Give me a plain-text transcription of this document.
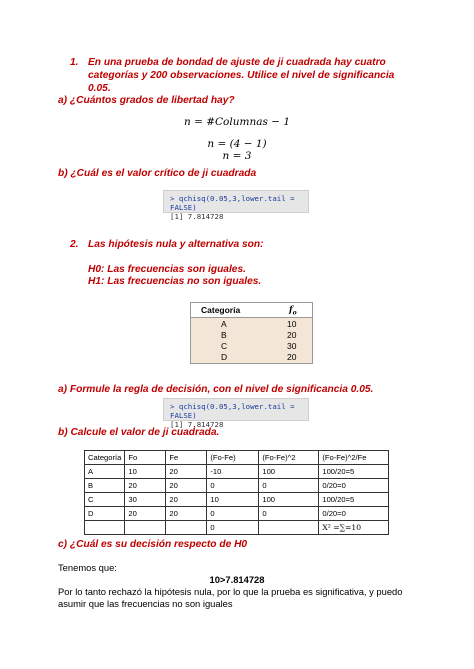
1. En una prueba de bondad de ajuste de ji cuadrada hay cuatro categorías y 200 observaciones. Utilice el nivel de significancia 0.05.
a) ¿Cuántos grados de libertad hay?
n = #Columnas − 1
n = (4 − 1)
n = 3
b) ¿Cuál es el valor crítico de ji cuadrada
> qchisq(0.05,3,lower.tail = FALSE)
[1] 7.814728
2. Las hipótesis nula y alternativa son:
H0: Las frecuencias son iguales.
H1: Las frecuencias no son iguales.
Categoría	$f_o$
A	10
B	20
C	30
D	20
a) Formule la regla de decisión, con el nivel de significancia 0.05.
> qchisq(0.05,3,lower.tail = FALSE)
[1] 7.814728
b) Calcule el valor de ji cuadrada.
Categoría	Fo	Fe	(Fo-Fe)	(Fo-Fe)^2	(Fo-Fe)^2/Fe
A	10	20	-10	100	100/20=5
B	20	20	0	0	0/20=0
C	30	20	10	100	100/20=5
D	20	20	0	0	0/20=0
			0		X² =∑=10
c) ¿Cuál es su decisión respecto de H0
Tenemos que:
10>7.814728
Por lo tanto rechazó la hipótesis nula, por lo que la prueba es significativa, y puedo asumir que las frecuencias no son iguales
